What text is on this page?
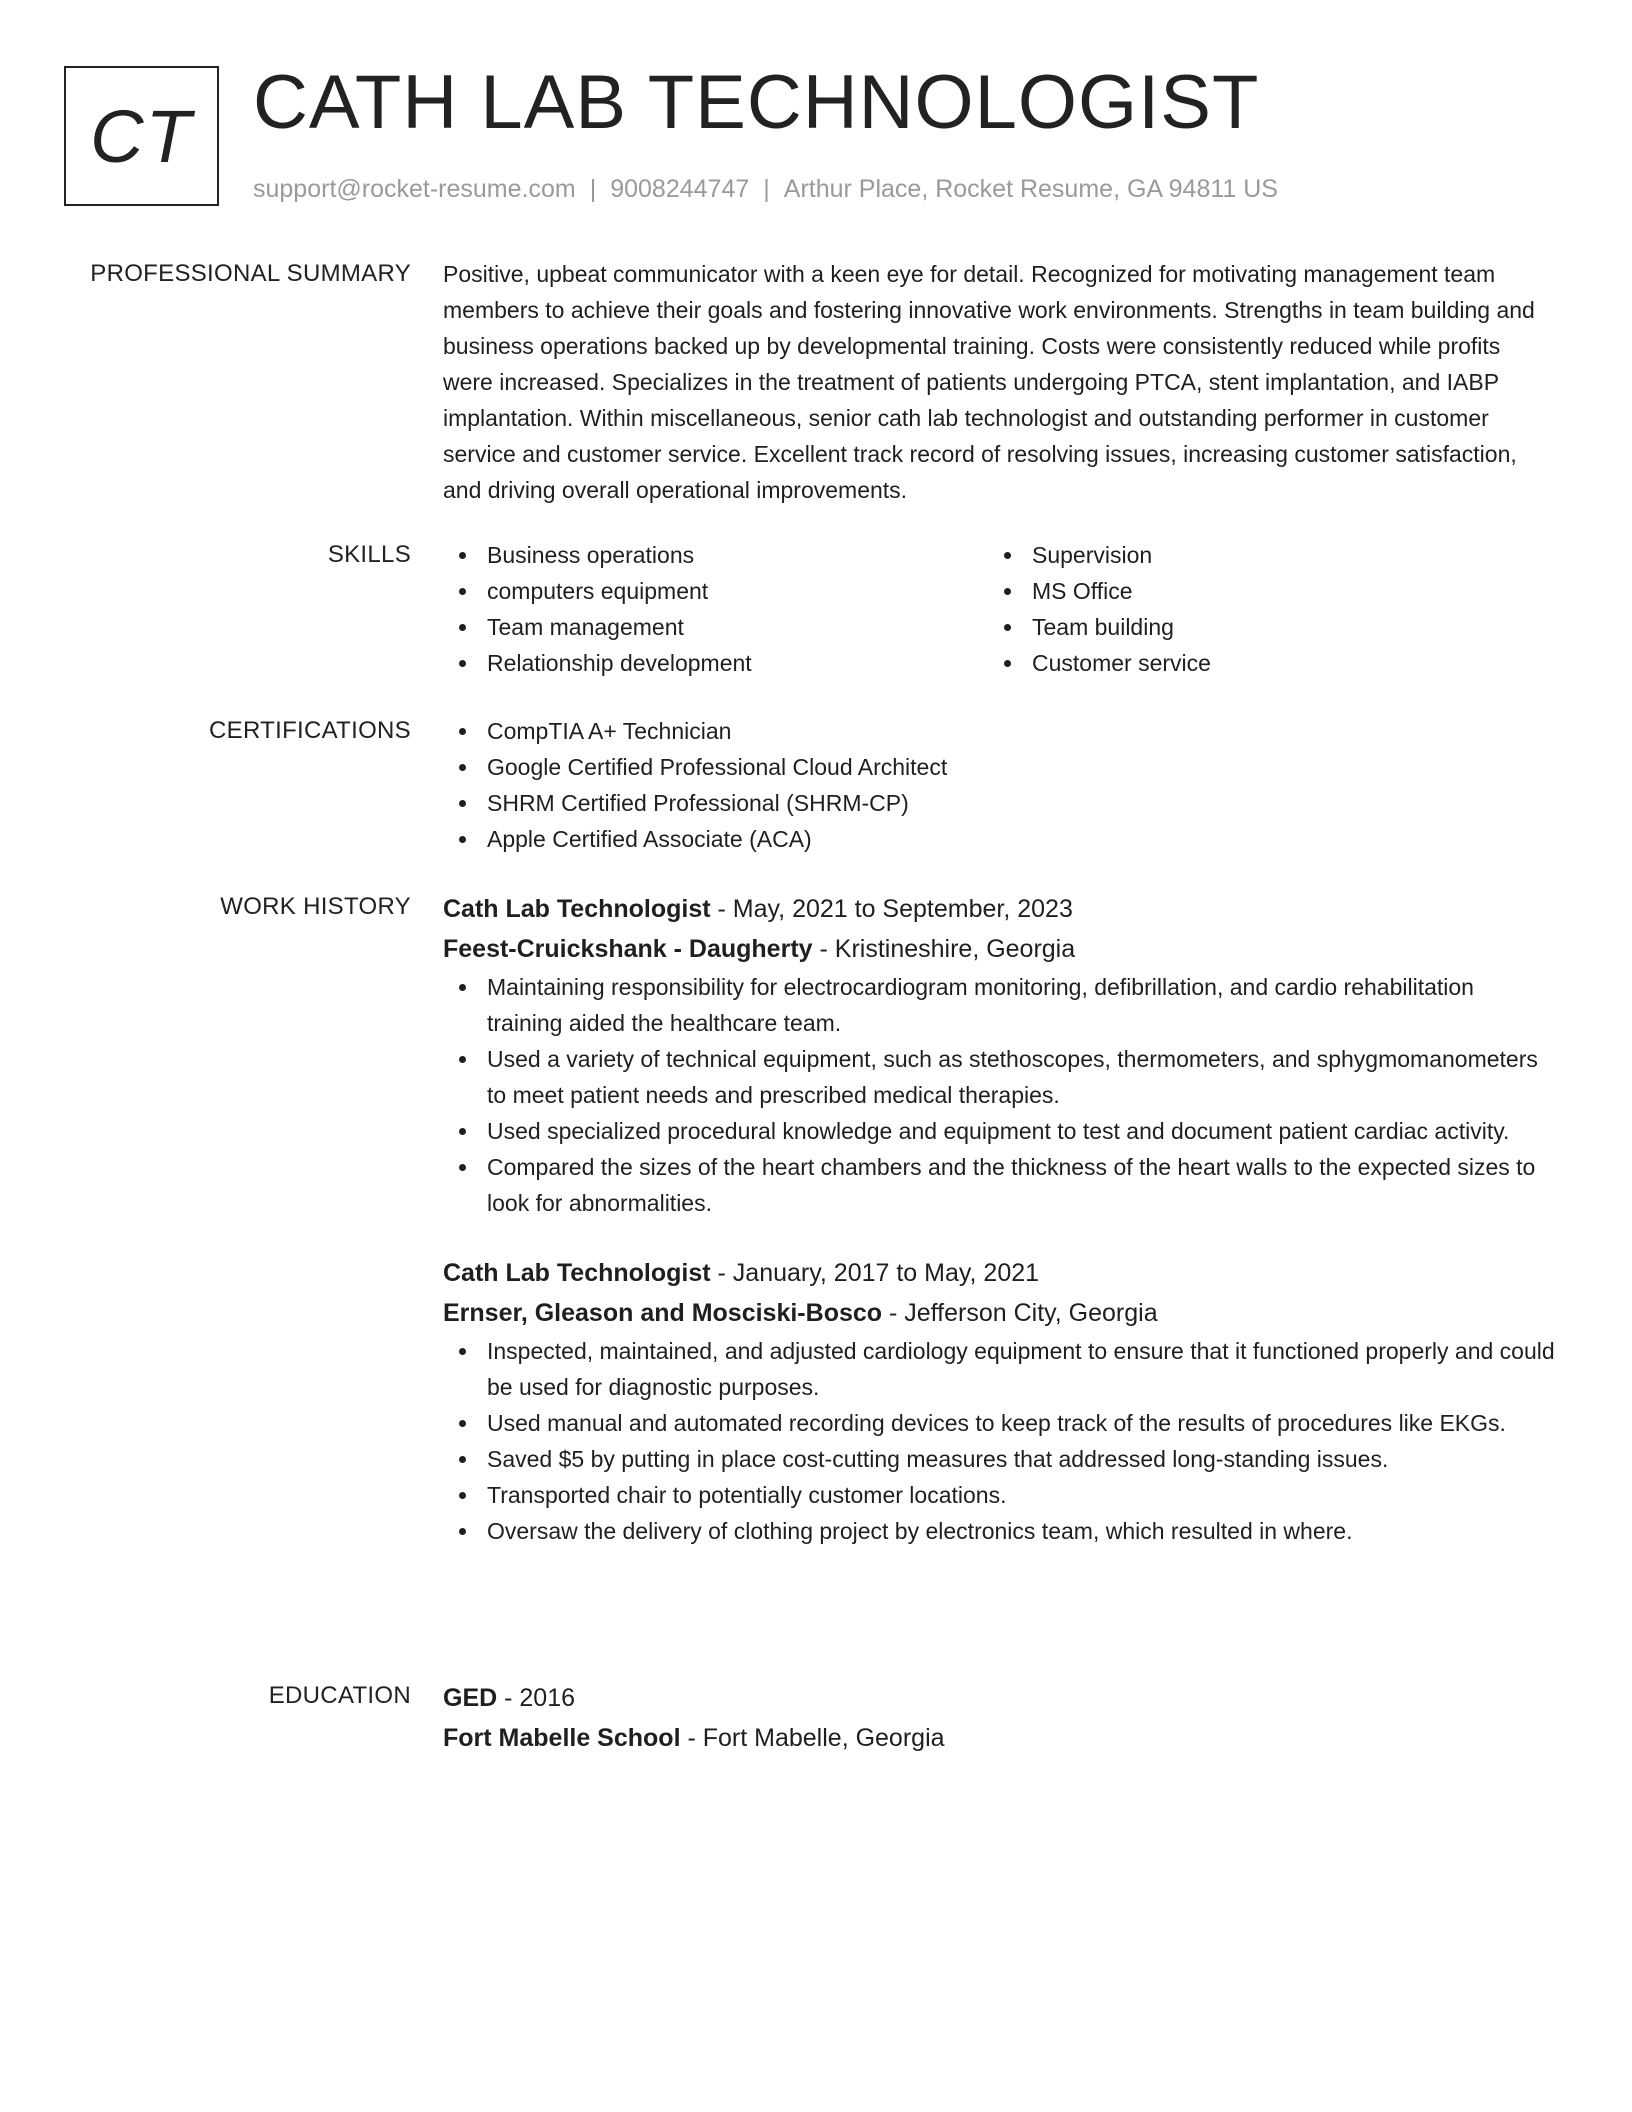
CT CATH LAB TECHNOLOGIST
support@rocket-resume.com | 9008244747 | Arthur Place, Rocket Resume, GA 94811 US
PROFESSIONAL SUMMARY Positive, upbeat communicator with a keen eye for detail. Recognized for motivating management team members to achieve their goals and fostering innovative work environments. Strengths in team building and business operations backed up by developmental training. Costs were consistently reduced while profits were increased. Specializes in the treatment of patients undergoing PTCA, stent implantation, and IABP implantation. Within miscellaneous, senior cath lab technologist and outstanding performer in customer service and customer service. Excellent track record of resolving issues, increasing customer satisfaction, and driving overall operational improvements.

SKILLS	Business operations
computers equipment
Team management
Relationship development
Supervision
MS Office
Team building
Customer service
CERTIFICATIONS	CompTIA A+ Technician
Google Certified Professional Cloud Architect
SHRM Certified Professional (SHRM-CP)
Apple Certified Associate (ACA)
WORK HISTORY Cath Lab Technologist - May, 2021 to September, 2023
Feest-Cruickshank - Daugherty - Kristineshire, Georgia
Maintaining responsibility for electrocardiogram monitoring, defibrillation, and cardio rehabilitation training aided the healthcare team.
Used a variety of technical equipment, such as stethoscopes, thermometers, and sphygmomanometers to meet patient needs and prescribed medical therapies.
Used specialized procedural knowledge and equipment to test and document patient cardiac activity.
Compared the sizes of the heart chambers and the thickness of the heart walls to the expected sizes to look for abnormalities.
Cath Lab Technologist - January, 2017 to May, 2021
Ernser, Gleason and Mosciski-Bosco - Jefferson City, Georgia
Inspected, maintained, and adjusted cardiology equipment to ensure that it functioned properly and could be used for diagnostic purposes.
Used manual and automated recording devices to keep track of the results of procedures like EKGs.
Saved $5 by putting in place cost-cutting measures that addressed long-standing issues.
Transported chair to potentially customer locations.
Oversaw the delivery of clothing project by electronics team, which resulted in where.
EDUCATION GED - 2016
Fort Mabelle School - Fort Mabelle, Georgia
